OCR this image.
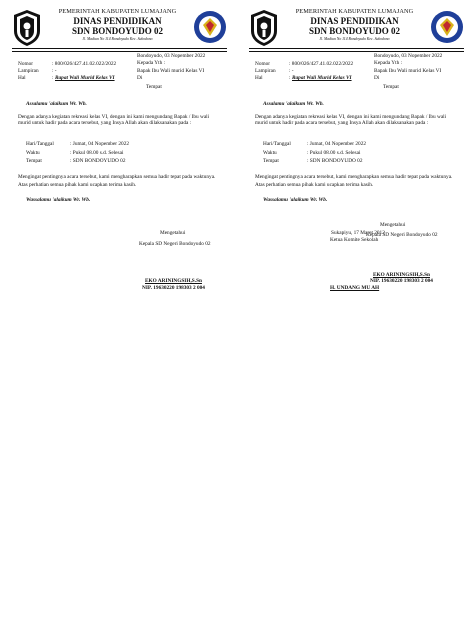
PEMERINTAH KABUPATEN LUMAJANG
DINAS PENDIDIKAN
SDN BONDOYUDO 02
Jl. Madiun No 114 Bondoyudo Kec. Sukodono
Bondoyudo, 03 Nopember 2022
Kepada Yth :
Nomor	: 800/026/427.41.02.022/2022
Lampiran	: -	Bapak Ibu Wali murid Kelas VI
Hal	: Rapat Wali Murid Kelas VI	Di
Tempat
Assalamu 'alaikum Wr. Wb.
Dengan adanya kegiatan rekreasi kelas VI, dengan ini kami mengundang Bapak / Ibu wali murid untuk hadir pada acara tersebut, yang Insya Allah akan dilaksanakan pada :
Hari/Tanggal	: Jumat, 04 Nopember 2022
Waktu	: Pukul 08.00 s.d. Selesai
Tempat	: SDN BONDOYUDO 02
Mengingat pentingnya acara tersebut, kami mengharapkan semua hadir tepat pada waktunya.
Atas perhatian semua pihak kami ucapkan terima kasih.
Wassalamu 'alaikum Wr. Wb.
Mengetahui
Kepala SD Negeri Bondoyudo 02
EKO ARININGSIH,S.Sn
NIP. 19630220 198303 2 004
PEMERINTAH KABUPATEN LUMAJANG
DINAS PENDIDIKAN
SDN BONDOYUDO 02
Jl. Madiun No 114 Bondoyudo Kec. Sukodono
Bondoyudo, 03 Nopember 2022
Kepada Yth :
Nomor	: 800/026/427.41.02.022/2022
Lampiran	: -	Bapak Ibu Wali murid Kelas VI
Hal	: Rapat Wali Murid Kelas VI	Di
Tempat
Assalamu 'alaikum Wr. Wb.
Dengan adanya kegiatan rekreasi kelas VI, dengan ini kami mengundang Bapak / Ibu wali murid untuk hadir pada acara tersebut, yang Insya Allah akan dilaksanakan pada :
Hari/Tanggal	: Jumat, 04 Nopember 2022
Waktu	: Pukul 08.00 s.d. Selesai
Tempat	: SDN BONDOYUDO 02
Mengingat pentingnya acara tersebut, kami mengharapkan semua hadir tepat pada waktunya.
Atas perhatian semua pihak kami ucapkan terima kasih.
Wassalamu 'alaikum Wr. Wb.
Mengetahui
Sukapiyu, 17 Maret 2012
Ketua Komite Sekolah
Kepala SD Negeri Bondoyudo 02
EKO ARININGSIH,S.Sn
NIP. 19630220 198303 2 004
H. UNDANG MU AH
